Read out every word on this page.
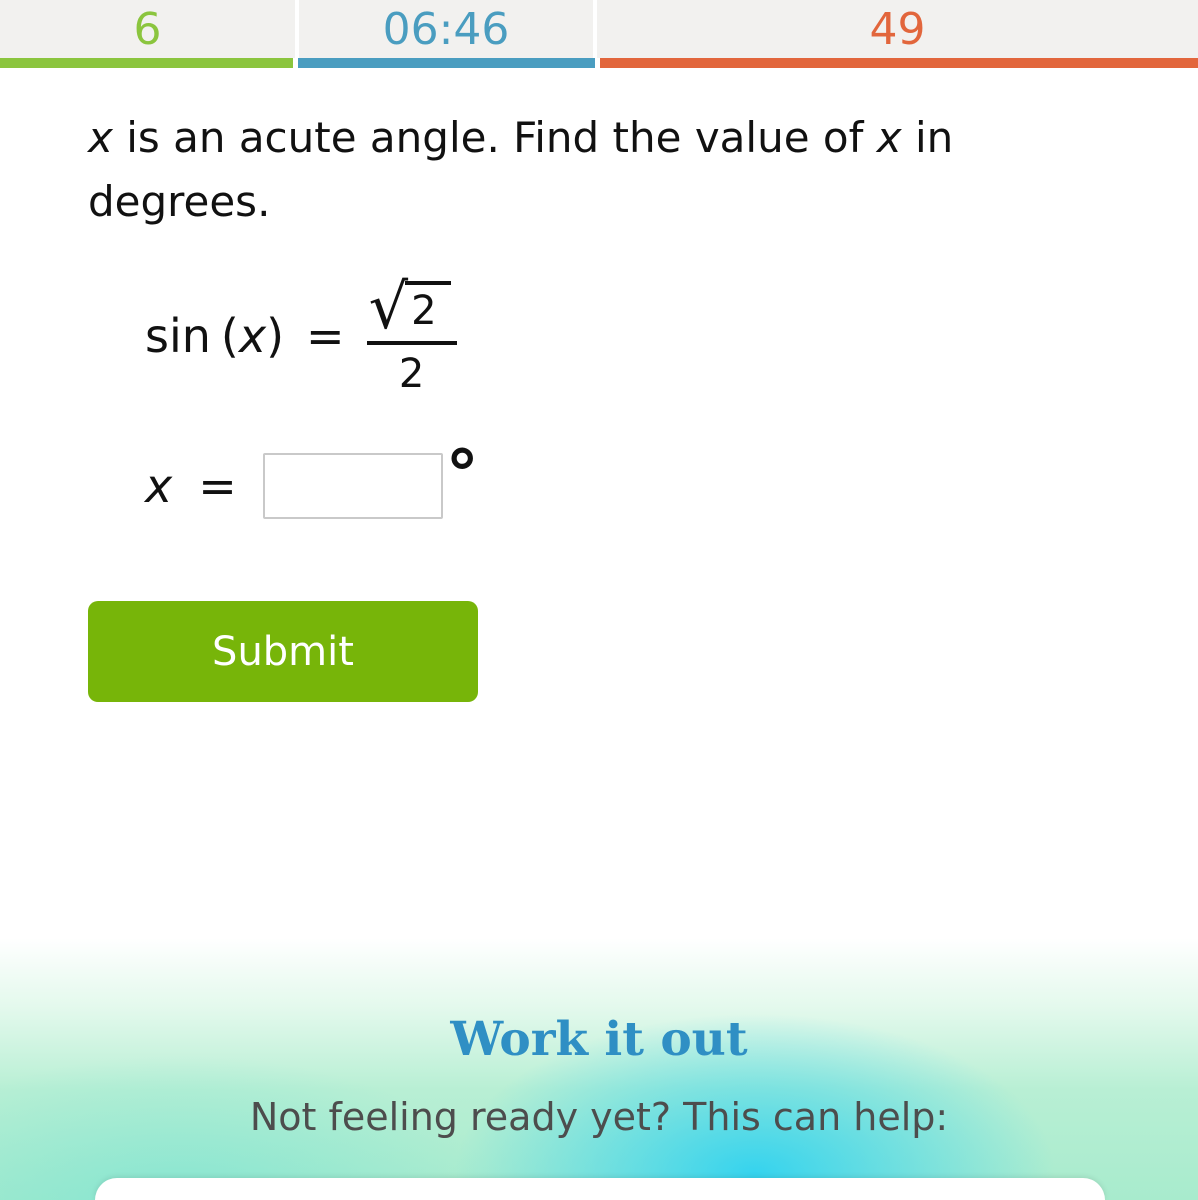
6	06:46	49

x is an acute angle. Find the value of x in degrees.

sin ( x ) = $\frac{√ 2}{2}$
x =	°
Submit
Work it out
Not feeling ready yet? This can help:
